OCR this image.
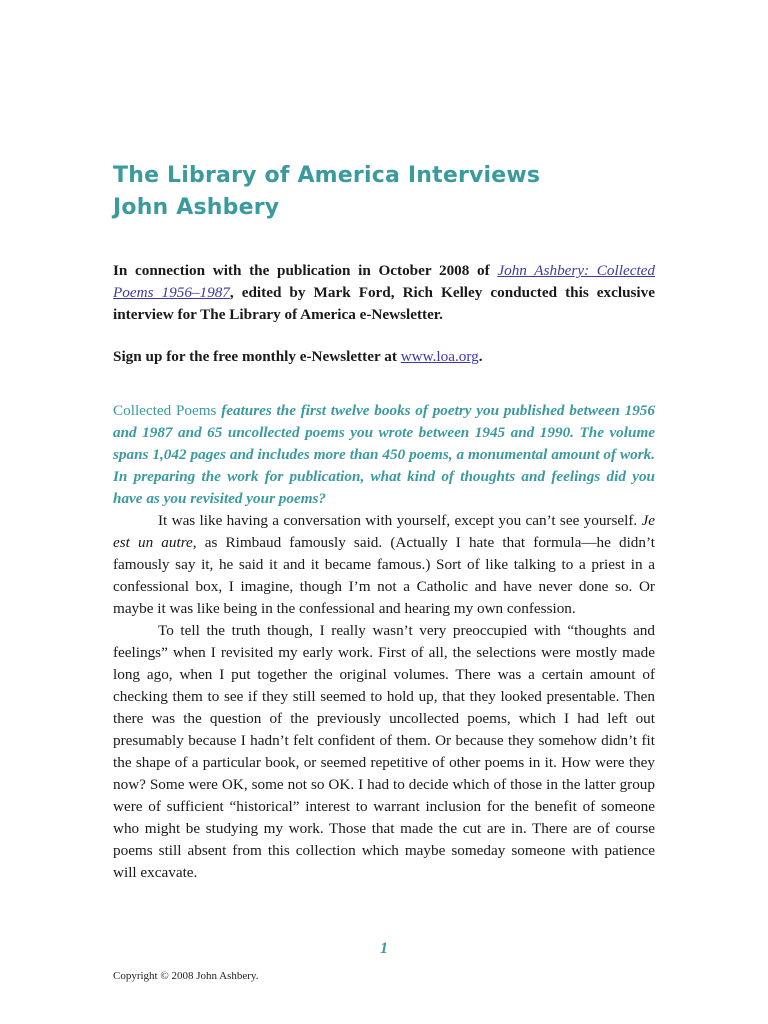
The Library of America Interviews
John Ashbery
In connection with the publication in October 2008 of John Ashbery: Collected Poems 1956–1987, edited by Mark Ford, Rich Kelley conducted this exclusive interview for The Library of America e-Newsletter.
Sign up for the free monthly e-Newsletter at www.loa.org.
Collected Poems features the first twelve books of poetry you published between 1956 and 1987 and 65 uncollected poems you wrote between 1945 and 1990. The volume spans 1,042 pages and includes more than 450 poems, a monumental amount of work. In preparing the work for publication, what kind of thoughts and feelings did you have as you revisited your poems?

It was like having a conversation with yourself, except you can’t see yourself. Je est un autre, as Rimbaud famously said. (Actually I hate that formula—he didn’t famously say it, he said it and it became famous.) Sort of like talking to a priest in a confessional box, I imagine, though I’m not a Catholic and have never done so. Or maybe it was like being in the confessional and hearing my own confession.

To tell the truth though, I really wasn’t very preoccupied with “thoughts and feelings” when I revisited my early work. First of all, the selections were mostly made long ago, when I put together the original volumes. There was a certain amount of checking them to see if they still seemed to hold up, that they looked presentable. Then there was the question of the previously uncollected poems, which I had left out presumably because I hadn’t felt confident of them. Or because they somehow didn’t fit the shape of a particular book, or seemed repetitive of other poems in it. How were they now? Some were OK, some not so OK. I had to decide which of those in the latter group were of sufficient “historical” interest to warrant inclusion for the benefit of someone who might be studying my work. Those that made the cut are in. There are of course poems still absent from this collection which maybe someday someone with patience will excavate.

1
Copyright © 2008 John Ashbery.
